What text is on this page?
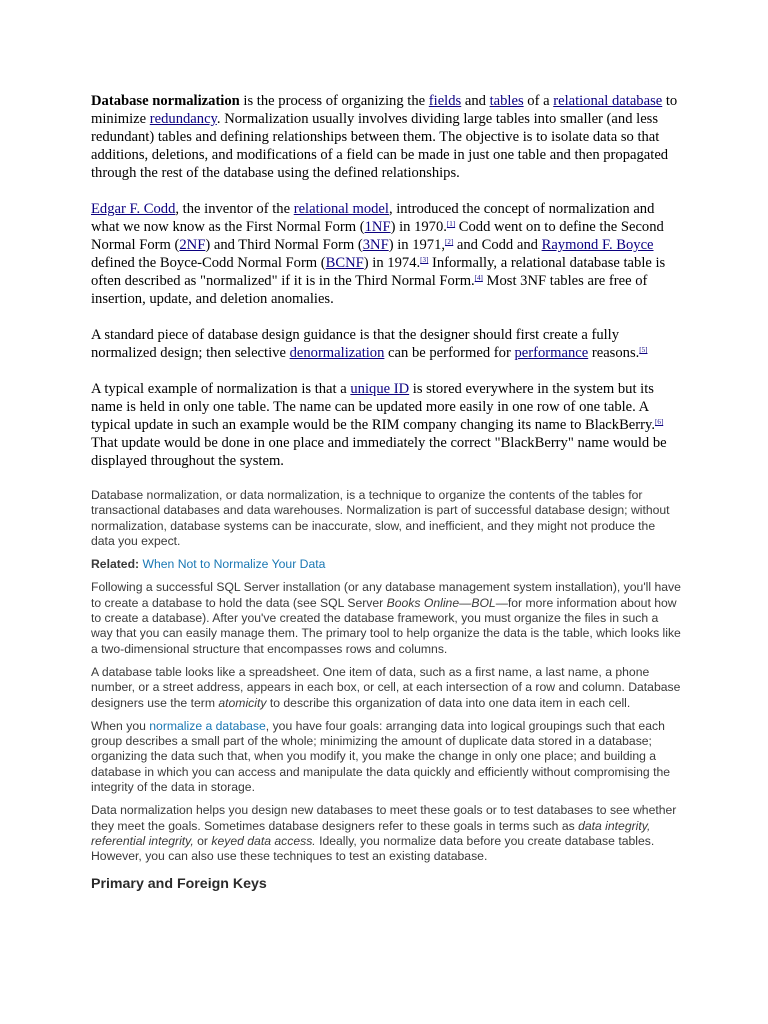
Database normalization is the process of organizing the fields and tables of a relational database to minimize redundancy. Normalization usually involves dividing large tables into smaller (and less redundant) tables and defining relationships between them. The objective is to isolate data so that additions, deletions, and modifications of a field can be made in just one table and then propagated through the rest of the database using the defined relationships.

Edgar F. Codd, the inventor of the relational model, introduced the concept of normalization and what we now know as the First Normal Form (1NF) in 1970.[1] Codd went on to define the Second Normal Form (2NF) and Third Normal Form (3NF) in 1971,[2] and Codd and Raymond F. Boyce defined the Boyce-Codd Normal Form (BCNF) in 1974.[3] Informally, a relational database table is often described as "normalized" if it is in the Third Normal Form.[4] Most 3NF tables are free of insertion, update, and deletion anomalies.

A standard piece of database design guidance is that the designer should first create a fully normalized design; then selective denormalization can be performed for performance reasons.[5]

A typical example of normalization is that a unique ID is stored everywhere in the system but its name is held in only one table. The name can be updated more easily in one row of one table. A typical update in such an example would be the RIM company changing its name to BlackBerry.[6] That update would be done in one place and immediately the correct "BlackBerry" name would be displayed throughout the system.

Database normalization, or data normalization, is a technique to organize the contents of the tables for transactional databases and data warehouses. Normalization is part of successful database design; without normalization, database systems can be inaccurate, slow, and inefficient, and they might not produce the data you expect.

Related: When Not to Normalize Your Data

Following a successful SQL Server installation (or any database management system installation), you'll have to create a database to hold the data (see SQL Server Books Online—BOL—for more information about how to create a database). After you've created the database framework, you must organize the files in such a way that you can easily manage them. The primary tool to help organize the data is the table, which looks like a two-dimensional structure that encompasses rows and columns.

A database table looks like a spreadsheet. One item of data, such as a first name, a last name, a phone number, or a street address, appears in each box, or cell, at each intersection of a row and column. Database designers use the term atomicity to describe this organization of data into one data item in each cell.

When you normalize a database, you have four goals: arranging data into logical groupings such that each group describes a small part of the whole; minimizing the amount of duplicate data stored in a database; organizing the data such that, when you modify it, you make the change in only one place; and building a database in which you can access and manipulate the data quickly and efficiently without compromising the integrity of the data in storage.

Data normalization helps you design new databases to meet these goals or to test databases to see whether they meet the goals. Sometimes database designers refer to these goals in terms such as data integrity, referential integrity, or keyed data access. Ideally, you normalize data before you create database tables. However, you can also use these techniques to test an existing database.

Primary and Foreign Keys
